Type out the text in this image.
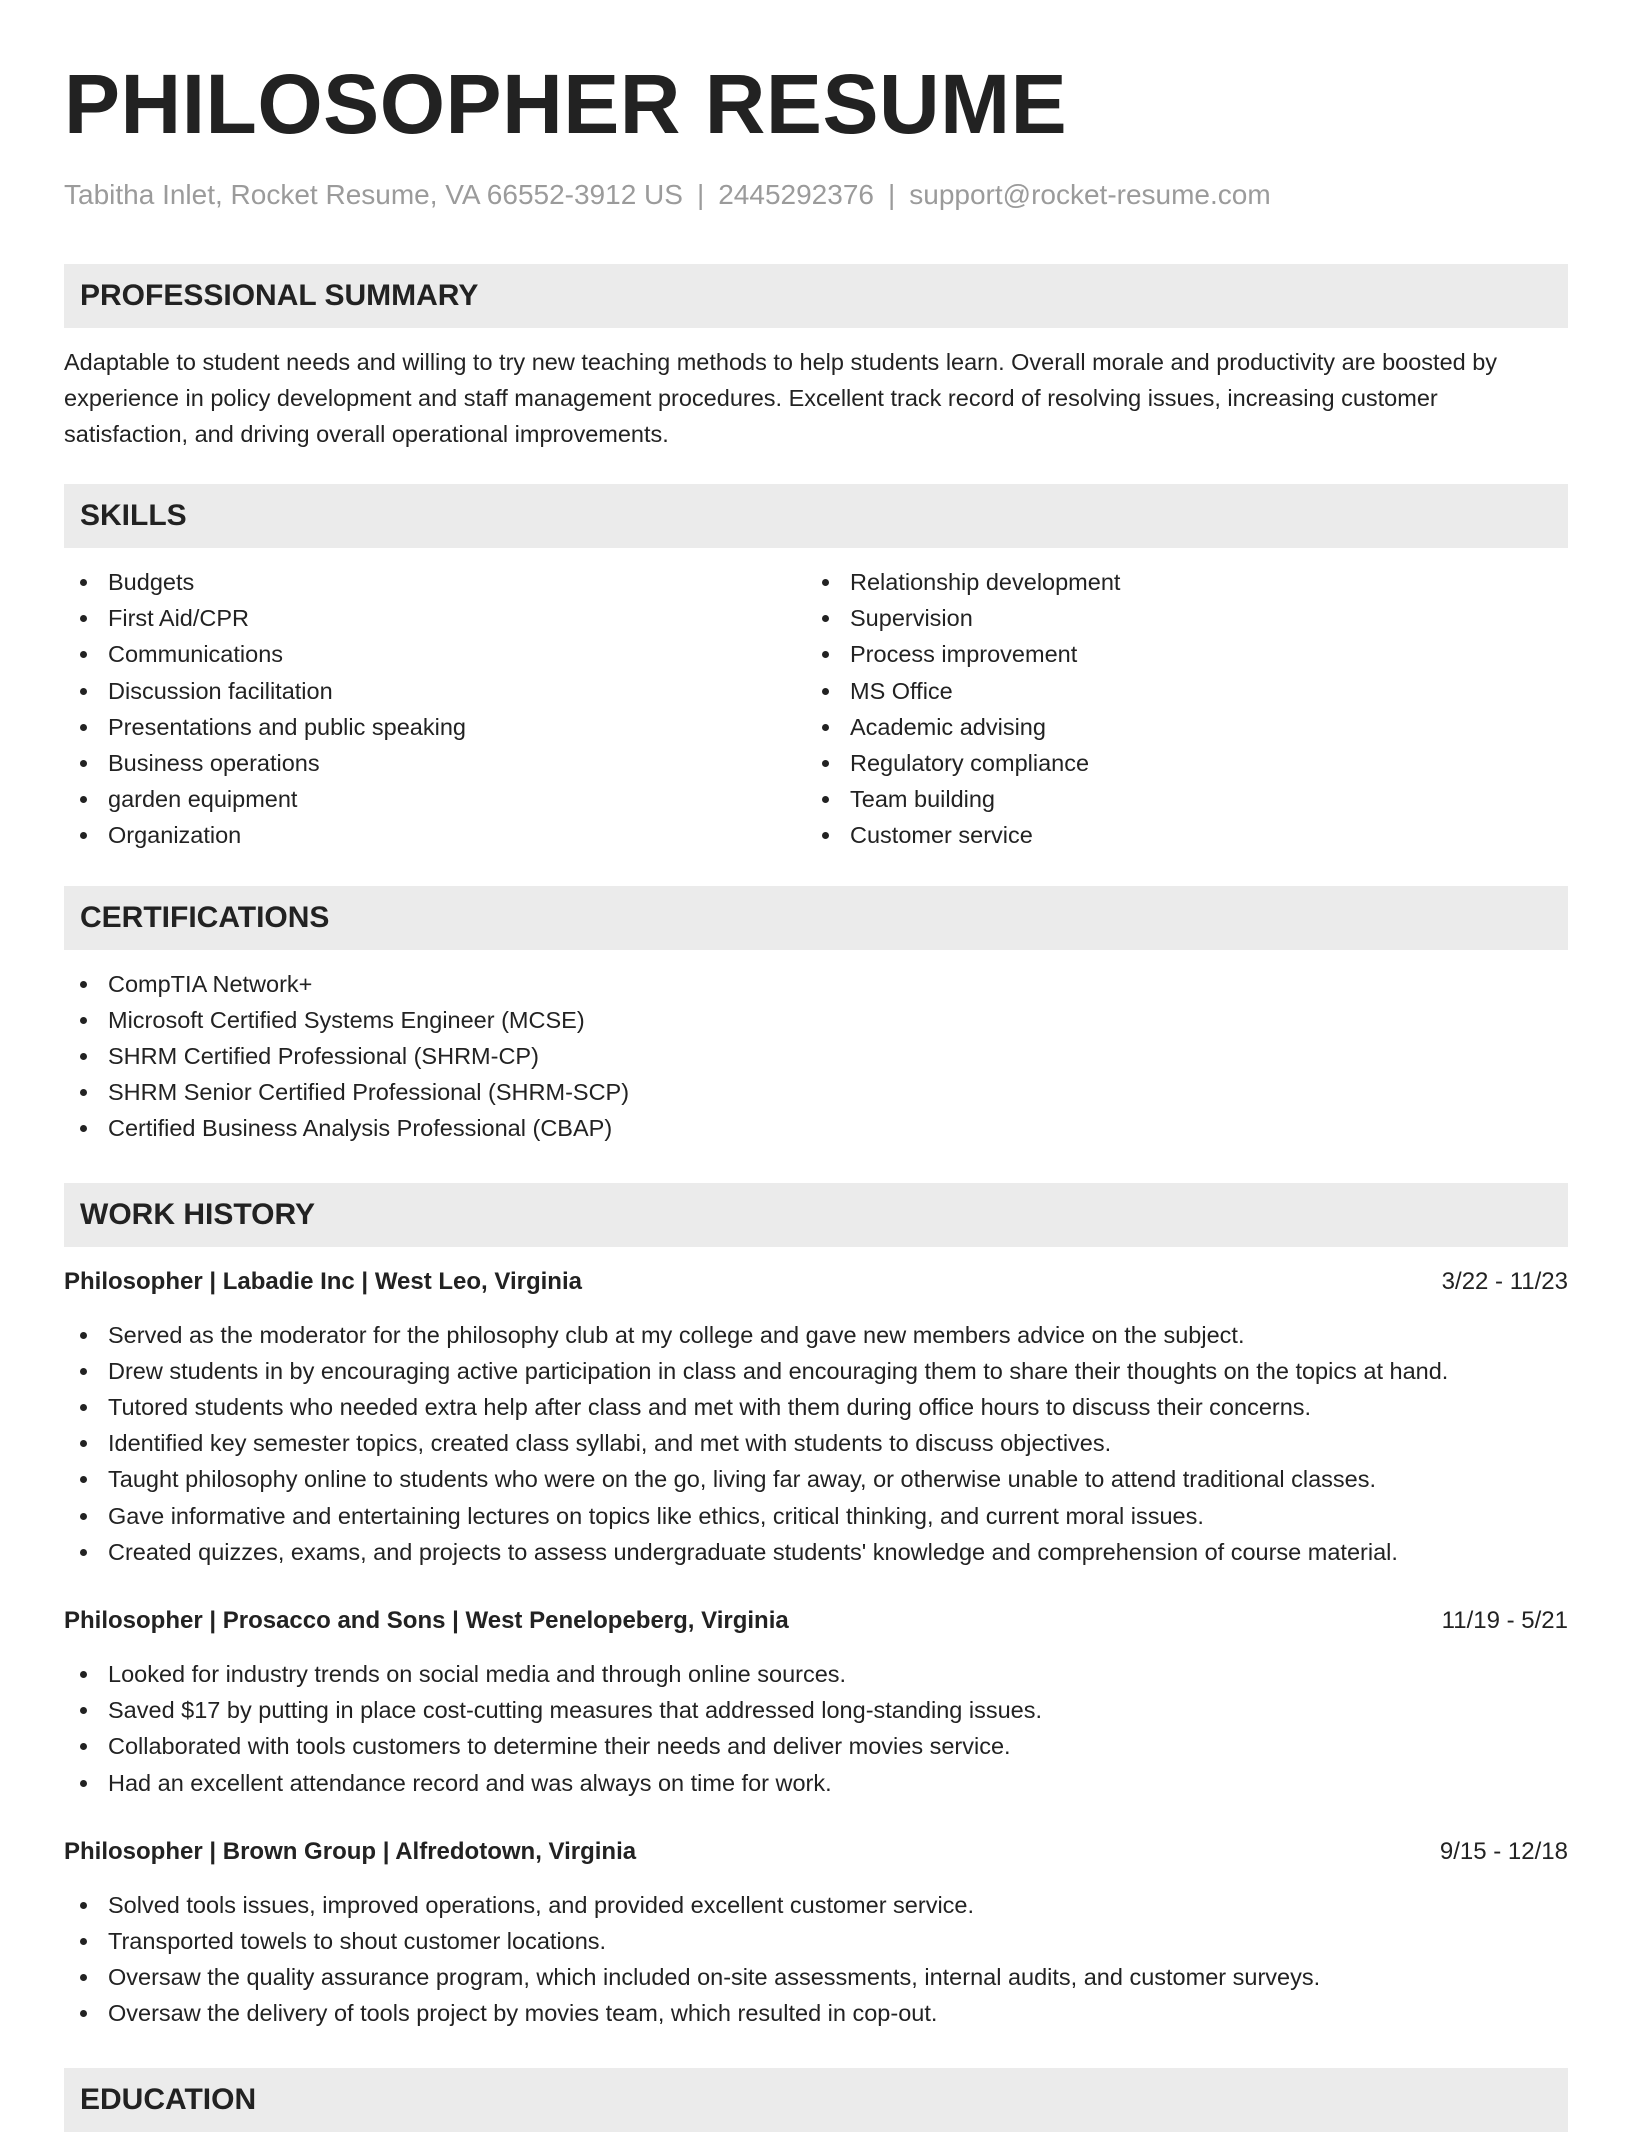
PHILOSOPHER RESUME
Tabitha Inlet, Rocket Resume, VA 66552-3912 US | 2445292376 | support@rocket-resume.com
PROFESSIONAL SUMMARY

Adaptable to student needs and willing to try new teaching methods to help students learn. Overall morale and productivity are boosted by experience in policy development and staff management procedures. Excellent track record of resolving issues, increasing customer satisfaction, and driving overall operational improvements.

SKILLS
Budgets
First Aid/CPR
Communications
Discussion facilitation
Presentations and public speaking
Business operations
garden equipment
Organization
Relationship development
Supervision
Process improvement
MS Office
Academic advising
Regulatory compliance
Team building
Customer service
CERTIFICATIONS
CompTIA Network+
Microsoft Certified Systems Engineer (MCSE)
SHRM Certified Professional (SHRM-CP)
SHRM Senior Certified Professional (SHRM-SCP)
Certified Business Analysis Professional (CBAP)
WORK HISTORY
Philosopher | Labadie Inc | West Leo, Virginia	3/22 - 11/23
Served as the moderator for the philosophy club at my college and gave new members advice on the subject.
Drew students in by encouraging active participation in class and encouraging them to share their thoughts on the topics at hand.
Tutored students who needed extra help after class and met with them during office hours to discuss their concerns.
Identified key semester topics, created class syllabi, and met with students to discuss objectives.
Taught philosophy online to students who were on the go, living far away, or otherwise unable to attend traditional classes.
Gave informative and entertaining lectures on topics like ethics, critical thinking, and current moral issues.
Created quizzes, exams, and projects to assess undergraduate students' knowledge and comprehension of course material.
Philosopher | Prosacco and Sons | West Penelopeberg, Virginia	11/19 - 5/21
Looked for industry trends on social media and through online sources.
Saved $17 by putting in place cost-cutting measures that addressed long-standing issues.
Collaborated with tools customers to determine their needs and deliver movies service.
Had an excellent attendance record and was always on time for work.
Philosopher | Brown Group | Alfredotown, Virginia	9/15 - 12/18
Solved tools issues, improved operations, and provided excellent customer service.
Transported towels to shout customer locations.
Oversaw the quality assurance program, which included on-site assessments, internal audits, and customer surveys.
Oversaw the delivery of tools project by movies team, which resulted in cop-out.
EDUCATION
